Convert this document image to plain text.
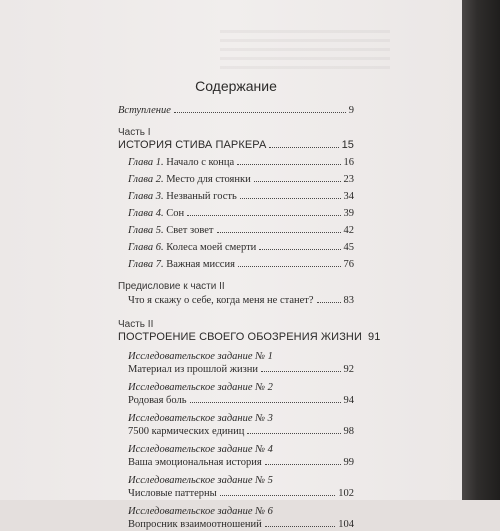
Содержание
Вступление	9
Часть I
ИСТОРИЯ СТИВА ПАРКЕРА	15
Глава 1. Начало с конца	16
Глава 2. Место для стоянки	23
Глава 3. Незваный гость	34
Глава 4. Сон	39
Глава 5. Свет зовет	42
Глава 6. Колеса моей смерти	45
Глава 7. Важная миссия	76
Предисловие к части II
Что я скажу о себе, когда меня не станет?	83
Часть II
ПОСТРОЕНИЕ СВОЕГО ОБОЗРЕНИЯ ЖИЗНИ 91
Исследовательское задание № 1
Материал из прошлой жизни	92
Исследовательское задание № 2
Родовая боль	94
Исследовательское задание № 3
7500 кармических единиц	98
Исследовательское задание № 4
Ваша эмоциональная история	99
Исследовательское задание № 5
Числовые паттерны	102
Исследовательское задание № 6
Вопросник взаимоотношений	104
